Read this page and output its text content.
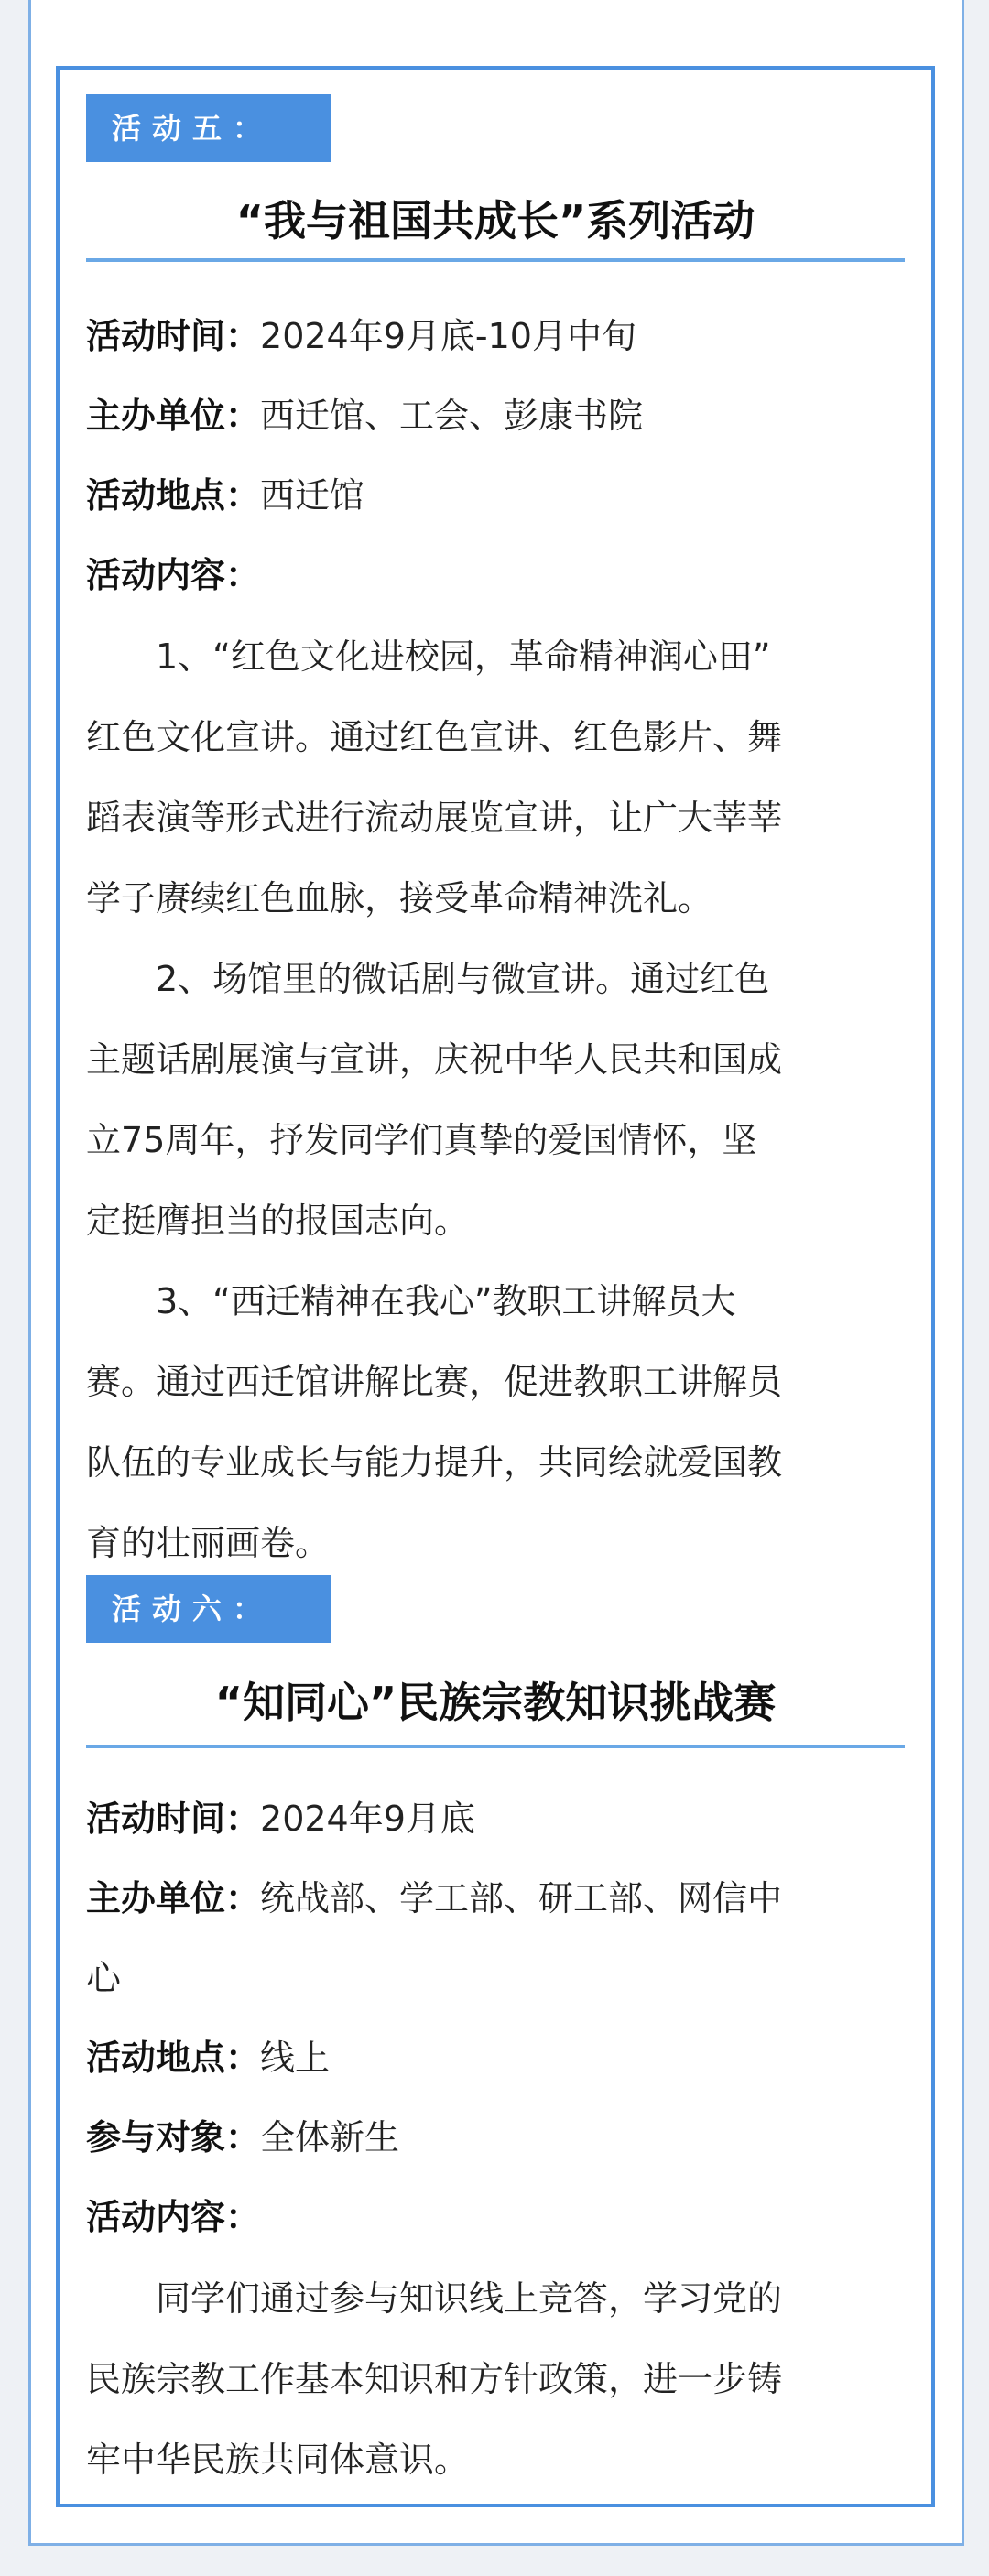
活动五：
“我与祖国共成长”系列活动
活动时间：2024年9月底-10月中旬
主办单位：西迁馆、工会、彭康书院
活动地点：西迁馆
活动内容：
　　1、“红色文化进校园，革命精神润心田”
红色文化宣讲。通过红色宣讲、红色影片、舞
蹈表演等形式进行流动展览宣讲，让广大莘莘
学子赓续红色血脉，接受革命精神洗礼。
　　2、场馆里的微话剧与微宣讲。通过红色
主题话剧展演与宣讲，庆祝中华人民共和国成
立75周年，抒发同学们真挚的爱国情怀，坚
定挺膺担当的报国志向。
　　3、“西迁精神在我心”教职工讲解员大
赛。通过西迁馆讲解比赛，促进教职工讲解员
队伍的专业成长与能力提升，共同绘就爱国教
育的壮丽画卷。
活动六：
“知同心”民族宗教知识挑战赛
活动时间：2024年9月底
主办单位：统战部、学工部、研工部、网信中
心
活动地点：线上
参与对象：全体新生
活动内容：
　　同学们通过参与知识线上竞答，学习党的
民族宗教工作基本知识和方针政策，进一步铸
牢中华民族共同体意识。
